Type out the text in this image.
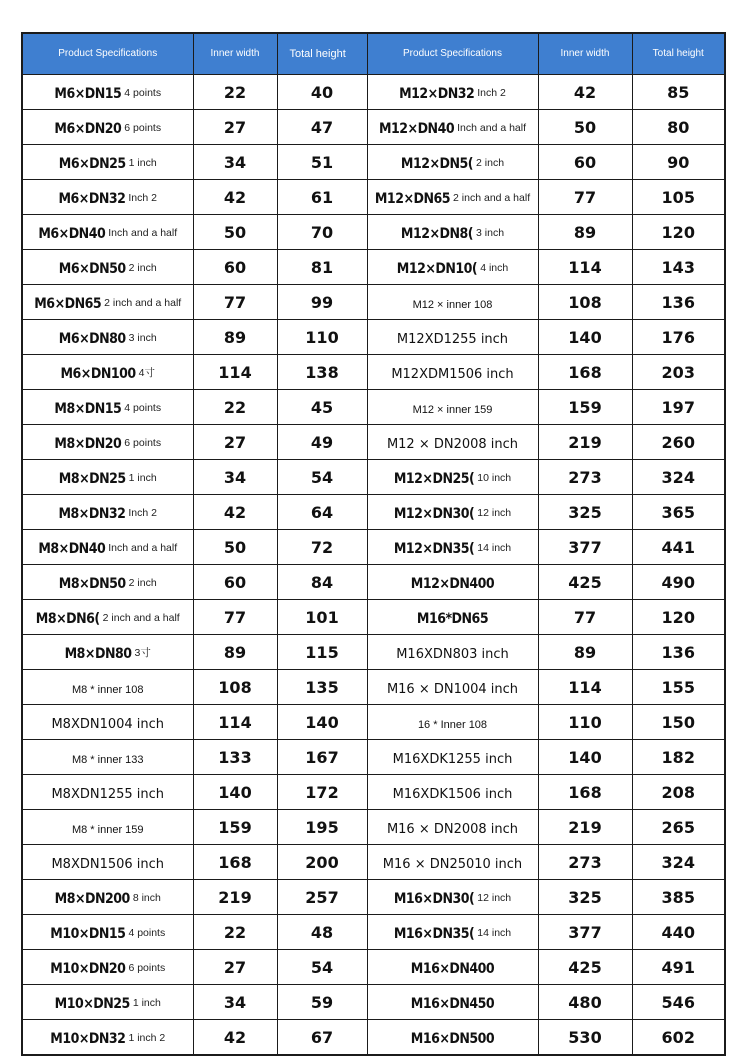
Product Specifications	Inner width	Total height	Product Specifications	Inner width	Total height
M6×DN15 4 points	22	40	M12×DN32 Inch 2	42	85
M6×DN20 6 points	27	47	M12×DN40 Inch and a half	50	80
M6×DN25 1 inch	34	51	M12×DN5( 2 inch	60	90
M6×DN32 Inch 2	42	61	M12×DN65 2 inch and a half	77	105
M6×DN40 Inch and a half	50	70	M12×DN8( 3 inch	89	120
M6×DN50 2 inch	60	81	M12×DN10( 4 inch	114	143
M6×DN65 2 inch and a half	77	99	M12 × inner 108	108	136
M6×DN80 3 inch	89	110	M12XD1255 inch	140	176
M6×DN100 4寸	114	138	M12XDM1506 inch	168	203
M8×DN15 4 points	22	45	M12 × inner 159	159	197
M8×DN20 6 points	27	49	M12 × DN2008 inch	219	260
M8×DN25 1 inch	34	54	M12×DN25( 10 inch	273	324
M8×DN32 Inch 2	42	64	M12×DN30( 12 inch	325	365
M8×DN40 Inch and a half	50	72	M12×DN35( 14 inch	377	441
M8×DN50 2 inch	60	84	M12×DN400	425	490
M8×DN6( 2 inch and a half	77	101	M16*DN65	77	120
M8×DN80 3寸	89	115	M16XDN803 inch	89	136
M8 * inner 108	108	135	M16 × DN1004 inch	114	155
M8XDN1004 inch	114	140	16 * Inner 108	110	150
M8 * inner 133	133	167	M16XDK1255 inch	140	182
M8XDN1255 inch	140	172	M16XDK1506 inch	168	208
M8 * inner 159	159	195	M16 × DN2008 inch	219	265
M8XDN1506 inch	168	200	M16 × DN25010 inch	273	324
M8×DN200 8 inch	219	257	M16×DN30( 12 inch	325	385
M10×DN15 4 points	22	48	M16×DN35( 14 inch	377	440
M10×DN20 6 points	27	54	M16×DN400	425	491
M10×DN25 1 inch	34	59	M16×DN450	480	546
M10×DN32 1 inch 2	42	67	M16×DN500	530	602
